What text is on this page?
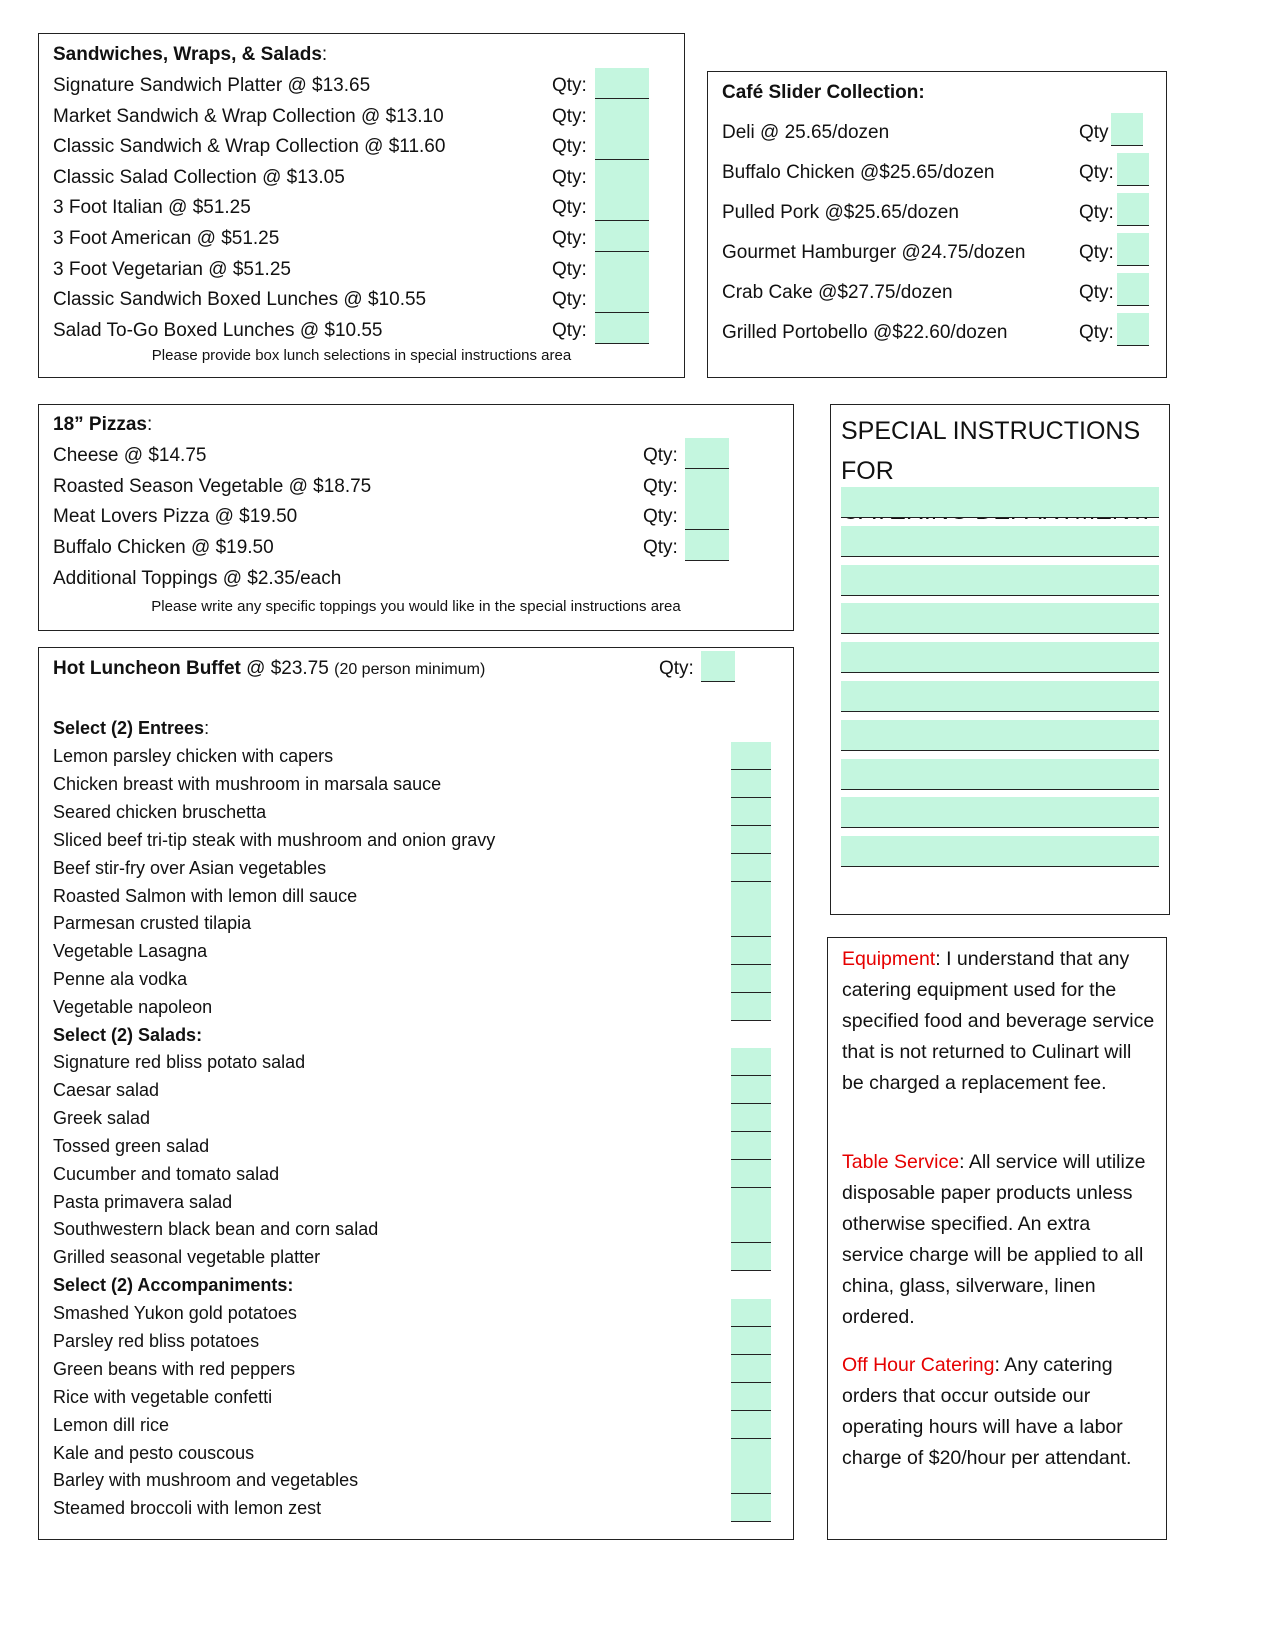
Sandwiches, Wraps, & Salads:
Signature Sandwich Platter @ $13.65	Qty:
Market Sandwich & Wrap Collection @ $13.10	Qty:
Classic Sandwich & Wrap Collection @ $11.60	Qty:
Classic Salad Collection @ $13.05	Qty:
3 Foot Italian @ $51.25	Qty:
3 Foot American @ $51.25	Qty:
3 Foot Vegetarian @ $51.25	Qty:
Classic Sandwich Boxed Lunches @ $10.55	Qty:
Salad To-Go Boxed Lunches @ $10.55	Qty:
Please provide box lunch selections in special instructions area
Café Slider Collection:
Deli @ 25.65/dozen	Qty
Buffalo Chicken @$25.65/dozen	Qty:
Pulled Pork @$25.65/dozen	Qty:
Gourmet Hamburger @24.75/dozen	Qty:
Crab Cake @$27.75/dozen	Qty:
Grilled Portobello @$22.60/dozen	Qty:
18” Pizzas:
Cheese @ $14.75	Qty:
Roasted Season Vegetable @ $18.75	Qty:
Meat Lovers Pizza @ $19.50	Qty:
Buffalo Chicken @ $19.50	Qty:
Additional Toppings @ $2.35/each
Please write any specific toppings you would like in the special instructions area
Hot Luncheon Buffet @ $23.75 (20 person minimum)	Qty:
Select (2) Entrees:
Lemon parsley chicken with capers
Chicken breast with mushroom in marsala sauce
Seared chicken bruschetta
Sliced beef tri-tip steak with mushroom and onion gravy
Beef stir-fry over Asian vegetables
Roasted Salmon with lemon dill sauce
Parmesan crusted tilapia
Vegetable Lasagna
Penne ala vodka
Vegetable napoleon
Select (2) Salads:
Signature red bliss potato salad
Caesar salad
Greek salad
Tossed green salad
Cucumber and tomato salad
Pasta primavera salad
Southwestern black bean and corn salad
Grilled seasonal vegetable platter
Select (2) Accompaniments:
Smashed Yukon gold potatoes
Parsley red bliss potatoes
Green beans with red peppers
Rice with vegetable confetti
Lemon dill rice
Kale and pesto couscous
Barley with mushroom and vegetables
Steamed broccoli with lemon zest
SPECIAL INSTRUCTIONS FOR
Equipment: I understand that any catering equipment used for the specified food and beverage service that is not returned to Culinart will be charged a replacement fee.
Table Service: All service will utilize disposable paper products unless otherwise specified. An extra service charge will be applied to all china, glass, silverware, linen ordered.
Off Hour Catering: Any catering orders that occur outside our operating hours will have a labor charge of $20/hour per attendant.
